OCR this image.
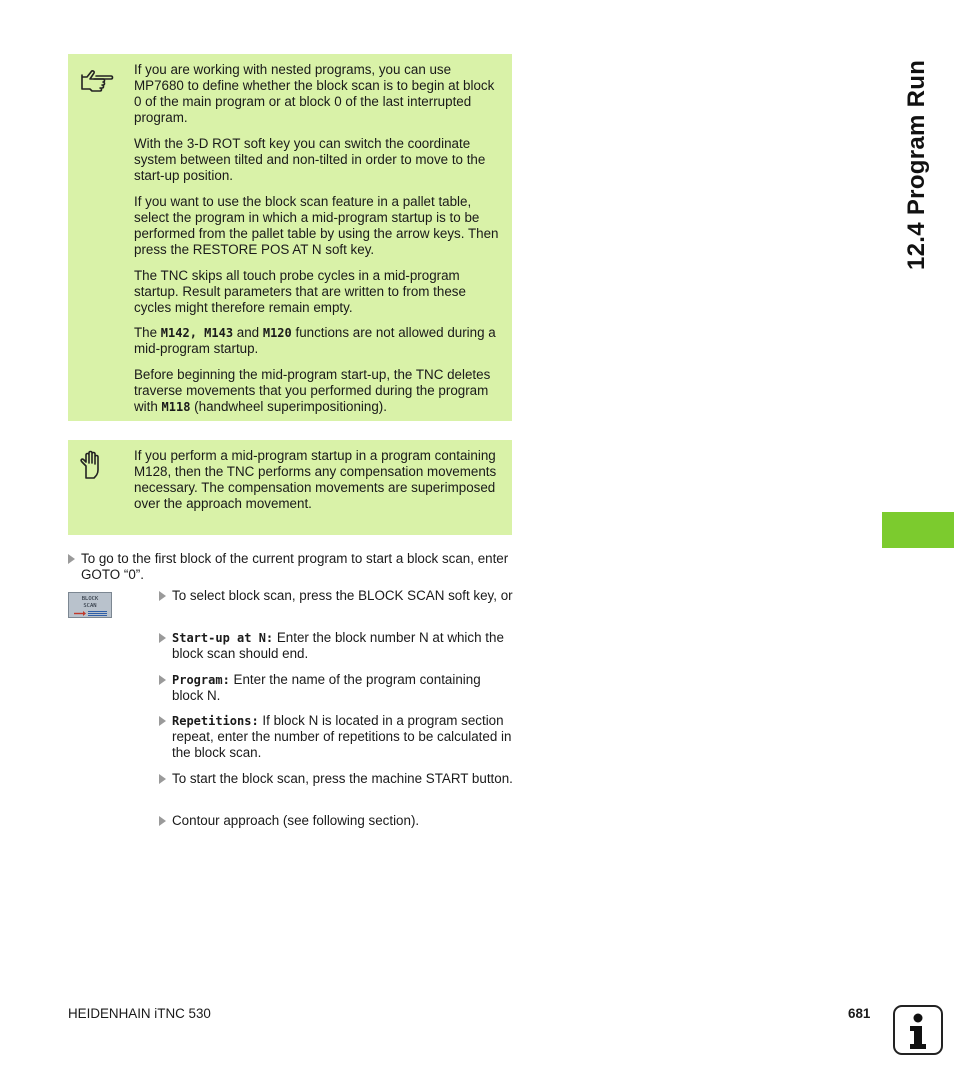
12.4 Program Run

If you are working with nested programs, you can use MP7680 to define whether the block scan is to begin at block 0 of the main program or at block 0 of the last interrupted program.

With the 3-D ROT soft key you can switch the coordinate system between tilted and non-tilted in order to move to the start-up position.

If you want to use the block scan feature in a pallet table, select the program in which a mid-program startup is to be performed from the pallet table by using the arrow keys. Then press the RESTORE POS AT N soft key.

The TNC skips all touch probe cycles in a mid-program startup. Result parameters that are written to from these cycles might therefore remain empty.

The M142, M143 and M120 functions are not allowed during a mid-program startup.

Before beginning the mid-program start-up, the TNC deletes traverse movements that you performed during the program with M118 (handwheel superimpositioning).

If you perform a mid-program startup in a program containing M128, then the TNC performs any compensation movements necessary. The compensation movements are superimposed over the approach movement.

To go to the first block of the current program to start a block scan, enter GOTO “0”.
BLOCK
SCAN
To select block scan, press the BLOCK SCAN soft key, or
Start-up at N: Enter the block number N at which the block scan should end.
Program: Enter the name of the program containing block N.
Repetitions: If block N is located in a program section repeat, enter the number of repetitions to be calculated in the block scan.
To start the block scan, press the machine START button.
Contour approach (see following section).
HEIDENHAIN iTNC 530	681
